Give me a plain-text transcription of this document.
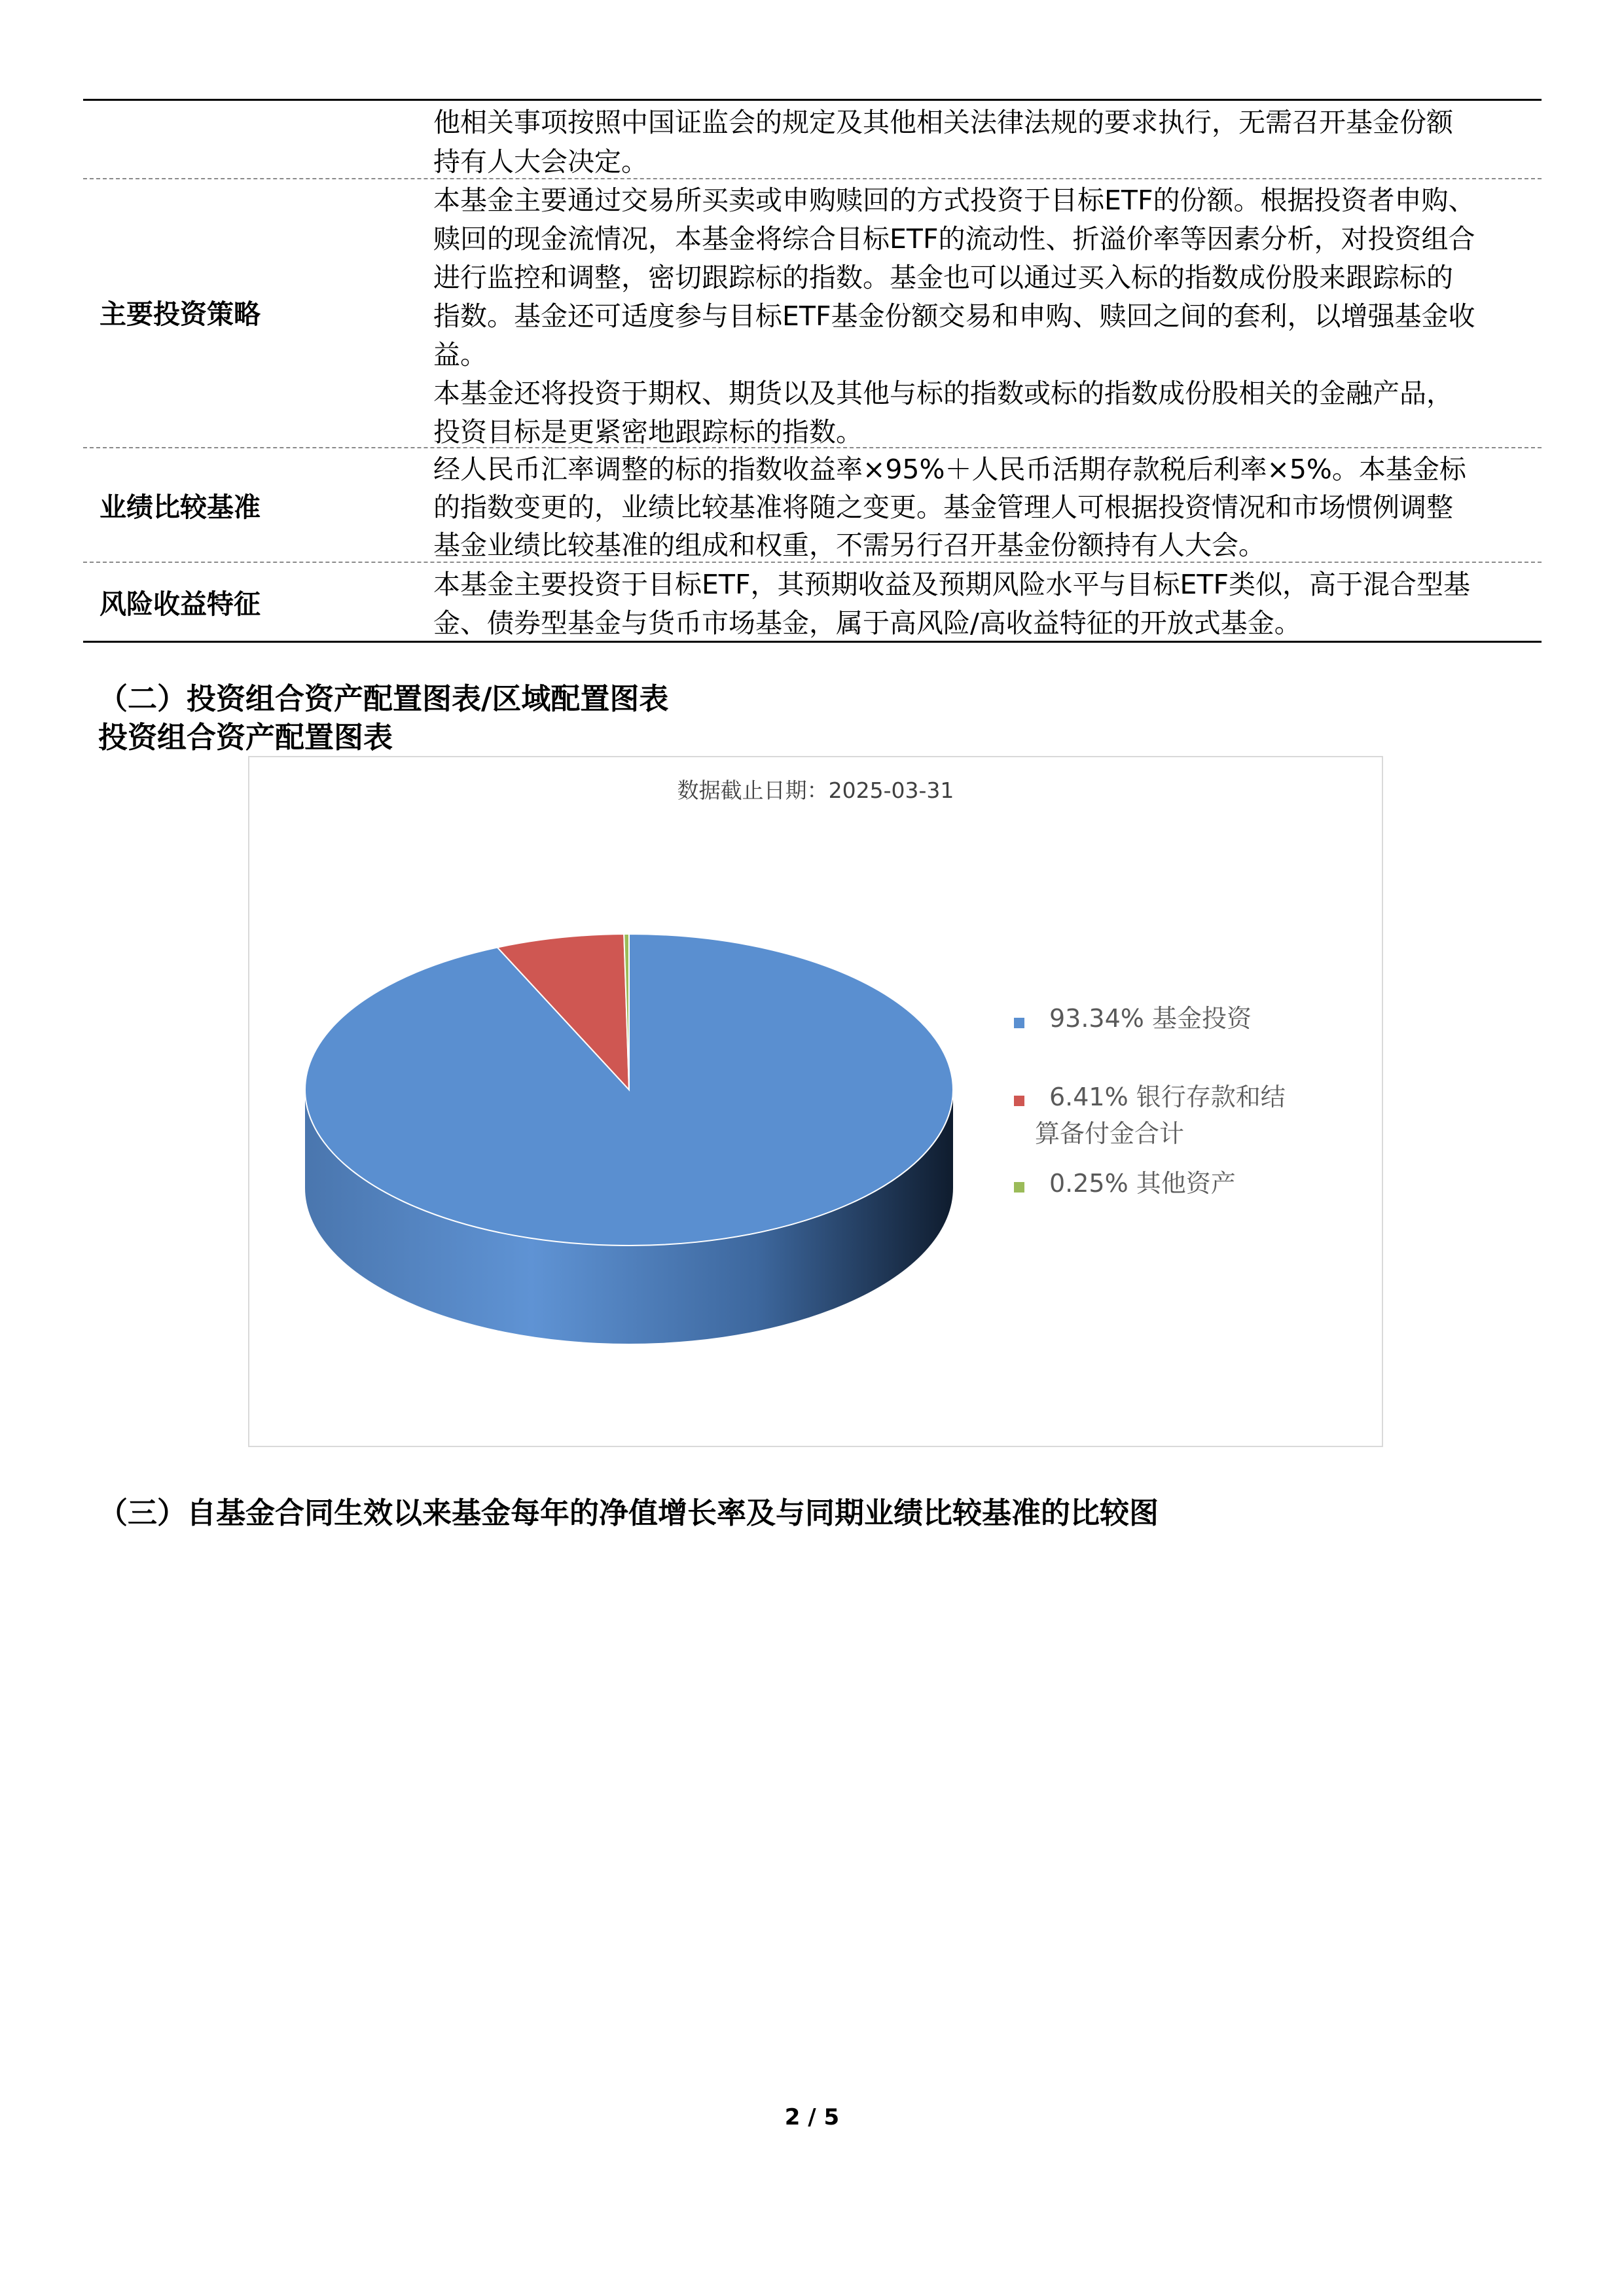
他相关事项按照中国证监会的规定及其他相关法律法规的要求执行，无需召开基金份额
持有人大会决定。
主要投资策略
本基金主要通过交易所买卖或申购赎回的方式投资于目标ETF的份额。根据投资者申购、
赎回的现金流情况，本基金将综合目标ETF的流动性、折溢价率等因素分析，对投资组合
进行监控和调整，密切跟踪标的指数。基金也可以通过买入标的指数成份股来跟踪标的
指数。基金还可适度参与目标ETF基金份额交易和申购、赎回之间的套利，以增强基金收
益。
本基金还将投资于期权、期货以及其他与标的指数或标的指数成份股相关的金融产品，
投资目标是更紧密地跟踪标的指数。
业绩比较基准
经人民币汇率调整的标的指数收益率×95%＋人民币活期存款税后利率×5%。本基金标
的指数变更的，业绩比较基准将随之变更。基金管理人可根据投资情况和市场惯例调整
基金业绩比较基准的组成和权重，不需另行召开基金份额持有人大会。
风险收益特征
本基金主要投资于目标ETF，其预期收益及预期风险水平与目标ETF类似，高于混合型基
金、债券型基金与货币市场基金，属于高风险/高收益特征的开放式基金。
（二）投资组合资产配置图表/区域配置图表
投资组合资产配置图表
数据截止日期：2025-03-31
93.34% 基金投资
6.41% 银行存款和结
算备付金合计
0.25% 其他资产
（三）自基金合同生效以来基金每年的净值增长率及与同期业绩比较基准的比较图
2 / 5
